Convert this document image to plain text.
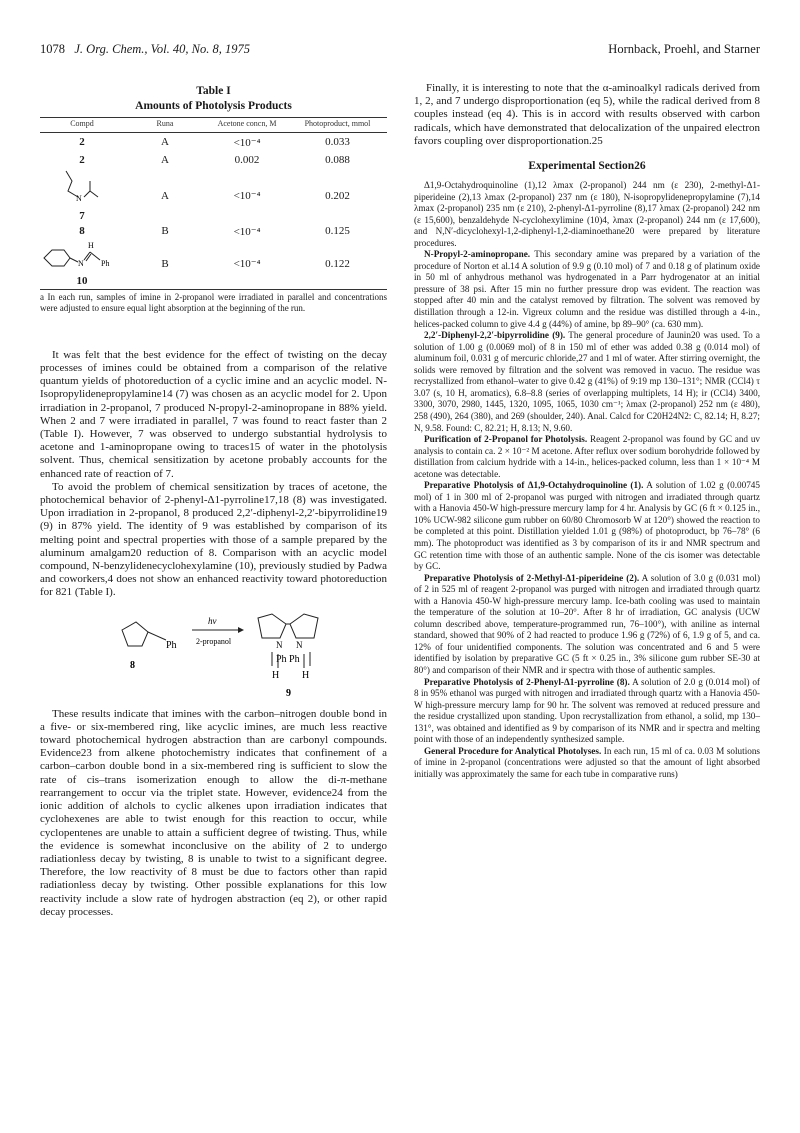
1078 J. Org. Chem., Vol. 40, No. 8, 1975	Hornback, Proehl, and Starner
Table I
Amounts of Photolysis Products
Compd	Runa	Acetone concn, M	Photoproduct, mmol
2	A	<10⁻⁴	0.033
2	A	0.002	0.088

N
7	A	<10⁻⁴	0.202
8	B	<10⁻⁴	0.125

N
H
Ph
10	B	<10⁻⁴	0.122
a In each run, samples of imine in 2-propanol were irradiated in parallel and concentrations were adjusted to ensure equal light absorption at the beginning of the run.

It was felt that the best evidence for the effect of twisting on the decay processes of imines could be obtained from a comparison of the relative quantum yields of photoreduction of a cyclic imine and an acyclic model. N-Isopropylidenepropylamine14 (7) was chosen as an acyclic model for 2. Upon irradiation in 2-propanol, 7 produced N-propyl-2-aminopropane in 88% yield. When 2 and 7 were irradiated in parallel, 7 was found to react faster than 2 (Table I). However, 7 was observed to undergo substantial hydrolysis to acetone and 1-aminopropane owing to traces15 of water in the photolysis solvent. Thus, chemical sensitization by acetone probably accounts for the enhanced rate of reaction of 7.

To avoid the problem of chemical sensitization by traces of acetone, the photochemical behavior of 2-phenyl-Δ1-pyrroline17,18 (8) was investigated. Upon irradiation in 2-propanol, 8 produced 2,2′-diphenyl-2,2′-bipyrrolidine19 (9) in 87% yield. The identity of 9 was established by comparison of its melting point and spectral properties with those of a sample prepared by the aluminum amalgam20 reduction of 8. Comparison with an acyclic model compound, N-benzylidenecyclohexylamine (10), previously studied by Padwa and coworkers,4 does not show an enhanced reactivity toward photoreduction for 821 (Table I).

Ph
8
hν
2-propanol	N N
Ph Ph
H H
9

These results indicate that imines with the carbon–nitrogen double bond in a five- or six-membered ring, like acyclic imines, are much less reactive toward photochemical hydrogen abstraction than are carbonyl compounds. Evidence23 from alkene photochemistry indicates that confinement of a carbon–carbon double bond in a six-membered ring is sufficient to slow the rate of cis–trans isomerization enough to allow the di-π-methane rearrangement to occur via the triplet state. However, evidence24 from the ionic addition of alchols to cyclic alkenes upon irradiation indicates that cyclohexenes are able to twist enough for this reaction to occur, while cyclopentenes are unable to attain a sufficient degree of twisting. Thus, while the evidence is somewhat inconclusive on the ability of 2 to undergo radiationless decay by twisting, 8 is unable to twist to a significant degree. Therefore, the low reactivity of 8 must be due to factors other than rapid radiationless decay by twisting. Other possible explanations for this low reactivity include a slow rate of hydrogen abstraction (eq 2), or other rapid decay processes.

Finally, it is interesting to note that the α-aminoalkyl radicals derived from 1, 2, and 7 undergo disproportionation (eq 5), while the radical derived from 8 couples instead (eq 4). This is in accord with results observed with carbon radicals, which have demonstrated that delocalization of the unpaired electron favors coupling over disproportionation.25

Experimental Section26

Δ1,9-Octahydroquinoline (1),12 λmax (2-propanol) 244 nm (ε 230), 2-methyl-Δ1-piperideine (2),13 λmax (2-propanol) 237 nm (ε 180), N-isopropylidenepropylamine (7),14 λmax (2-propanol) 235 nm (ε 210), 2-phenyl-Δ1-pyrroline (8),17 λmax (2-propanol) 242 nm (ε 15,600), benzaldehyde N-cyclohexylimine (10)4, λmax (2-propanol) 244 nm (ε 17,600), and N,N′-dicyclohexyl-1,2-diphenyl-1,2-diaminoethane20 were prepared by literature procedures.

N-Propyl-2-aminopropane. This secondary amine was prepared by a variation of the procedure of Norton et al.14 A solution of 9.9 g (0.10 mol) of 7 and 0.18 g of platinum oxide in 50 ml of anhydrous methanol was hydrogenated in a Parr hydrogenator at an initial pressure of 38 psi. After 15 min no further pressure drop was evident. The reaction was stopped after 40 min and the catalyst removed by filtration. The solvent was removed by distillation through a 12-in. Vigreux column and the residue was distilled through a 4-in., helices-packed column to give 4.4 g (44%) of amine, bp 89–90° (ca. 630 mm).

2,2′-Diphenyl-2,2′-bipyrrolidine (9). The general procedure of Jaunin20 was used. To a solution of 1.00 g (0.0069 mol) of 8 in 150 ml of ether was added 0.38 g (0.014 mol) of aluminum foil, 0.031 g of mercuric chloride,27 and 1 ml of water. After stirring overnight, the solids were removed by filtration and the solvent was removed in vacuo. The residue was recrystallized from ethanol–water to give 0.42 g (41%) of 9:19 mp 130–131°; NMR (CCl4) τ 3.07 (s, 10 H, aromatics), 6.8–8.8 (series of overlapping multiplets, 14 H); ir (CCl4) 3400, 3300, 3070, 2980, 1445, 1320, 1095, 1065, 1030 cm⁻¹; λmax (2-propanol) 252 nm (ε 480), 258 (490), 264 (380), and 269 (shoulder, 240). Anal. Calcd for C20H24N2: C, 82.14; H, 8.27; N, 9.58. Found: C, 82.21; H, 8.13; N, 9.60.

Purification of 2-Propanol for Photolysis. Reagent 2-propanol was found by GC and uv analysis to contain ca. 2 × 10⁻² M acetone. After reflux over sodium borohydride followed by distillation from calcium hydride with a 14-in., helices-packed column, less than 1 × 10⁻⁴ M acetone was detectable.

Preparative Photolysis of Δ1,9-Octahydroquinoline (1). A solution of 1.02 g (0.00745 mol) of 1 in 300 ml of 2-propanol was purged with nitrogen and irradiated through quartz with a Hanovia 450-W high-pressure mercury lamp for 4 hr. Analysis by GC (6 ft × 0.125 in., 10% UCW-982 silicone gum rubber on 60/80 Chromosorb W at 120°) showed the reaction to be completed at this point. Distillation yielded 1.01 g (98%) of photoproduct, bp 76–78° (6 mm). The photoproduct was identified as 3 by comparison of its ir and NMR spectrum and GC retention time with those of an authentic sample. None of the cis isomer was detectable by GC.

Preparative Photolysis of 2-Methyl-Δ1-piperideine (2). A solution of 3.0 g (0.031 mol) of 2 in 525 ml of reagent 2-propanol was purged with nitrogen and irradiated through quartz with a Hanovia 450-W high-pressure mercury lamp. Ice-bath cooling was used to maintain the temperature of the solution at 10–20°. After 8 hr of irradiation, GC analysis (UCW column described above, temperature-programmed run, 76–100°), with aniline as internal standard, showed that 90% of 2 had reacted to produce 1.96 g (72%) of 6, 1.9 g of 5, and ca. 12% of four unidentified components. The solution was concentrated and 6 and 5 were identified by isolation by preparative GC (5 ft × 0.25 in., 3% silicone gum rubber SE-30 at 80°) and comparison of their NMR and ir spectra with those of authentic samples.

Preparative Photolysis of 2-Phenyl-Δ1-pyrroline (8). A solution of 2.0 g (0.014 mol) of 8 in 95% ethanol was purged with nitrogen and irradiated through quartz with a Hanovia 450-W high-pressure mercury lamp for 90 hr. The solvent was removed at reduced pressure and the residue crystallized upon standing. Upon recrystallization from ethanol, a solid, mp 130–131°, was obtained and identified as 9 by comparison of its NMR and ir spectra and melting point with those of an independently synthesized sample.

General Procedure for Analytical Photolyses. In each run, 15 ml of ca. 0.03 M solutions of imine in 2-propanol (concentrations were adjusted so that the amount of light absorbed initially was approximately the same for each tube in comparative runs)
